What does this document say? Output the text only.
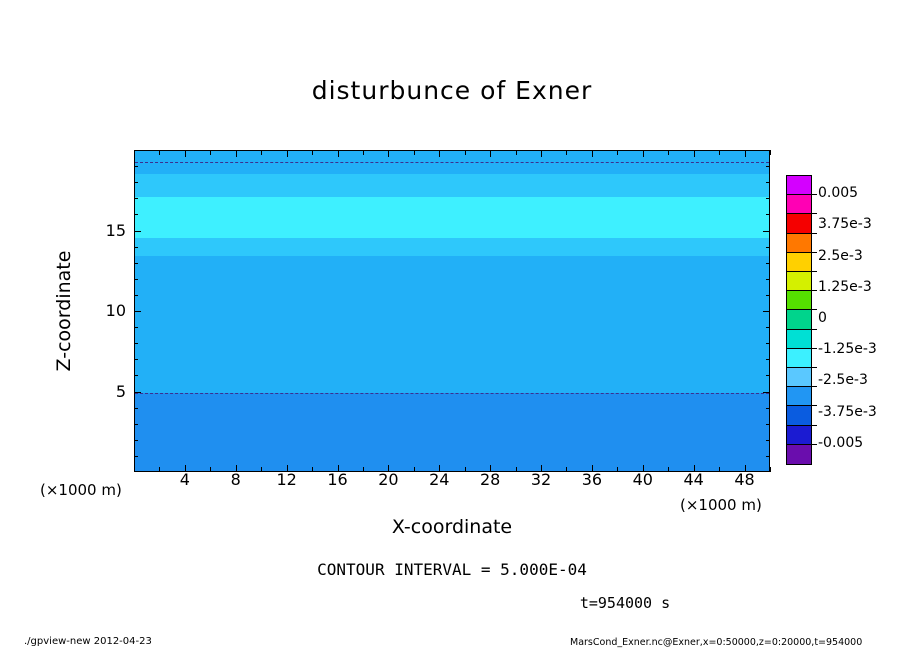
disturbunce of Exner
4	8	12	16	20	24	28	32	36	40	44	48
5
10
15
Z-coordinate
X-coordinate
(×1000 m)
(×1000 m)
CONTOUR INTERVAL = 5.000E-04
t=954000 s
./gpview-new 2012-04-23	MarsCond_Exner.nc@Exner,x=0:50000,z=0:20000,t=954000
0.005
3.75e-3
2.5e-3
1.25e-3
0
-1.25e-3
-2.5e-3
-3.75e-3
-0.005
